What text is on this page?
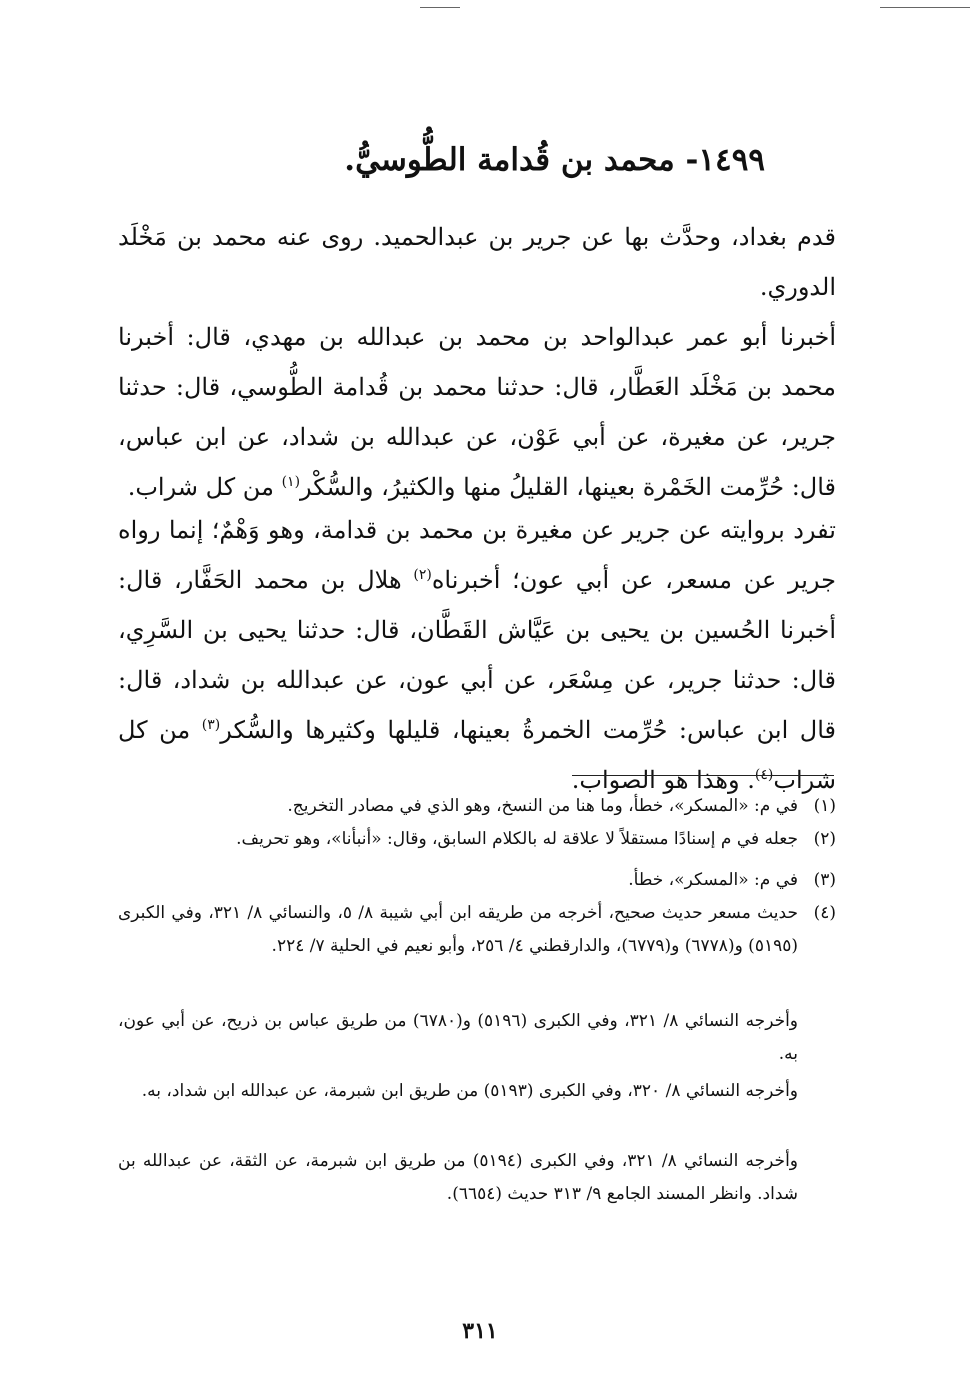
١٤٩٩- محمد بن قُدامة الطُّوسيُّ.

قدم بغداد، وحدَّث بها عن جرير بن عبدالحميد. روى عنه محمد بن مَخْلَد الدوري.

أخبرنا أبو عمر عبدالواحد بن محمد بن عبدالله بن مهدي، قال: أخبرنا محمد بن مَخْلَد العَطَّار، قال: حدثنا محمد بن قُدامة الطُّوسي، قال: حدثنا جرير، عن مغيرة، عن أبي عَوْن، عن عبدالله بن شداد، عن ابن عباس، قال: حُرِّمت الخَمْرة بعينها، القليلُ منها والكثيرُ، والسُّكْر$^{(١)}$ من كل شراب.

تفرد بروايته عن جرير عن مغيرة بن محمد بن قدامة، وهو وَهْمٌ؛ إنما رواه جرير عن مسعر، عن أبي عون؛ أخبرناه$^{(٢)}$ هلال بن محمد الحَفَّار، قال: أخبرنا الحُسين بن يحيى بن عَيَّاش القَطَّان، قال: حدثنا يحيى بن السَّرِي، قال: حدثنا جرير، عن مِسْعَر، عن أبي عون، عن عبدالله بن شداد، قال: قال ابن عباس: حُرِّمت الخمرةُ بعينها، قليلها وكثيرها والسُّكر$^{(٣)}$ من كل شراب$^{(٤)}$. وهذا هو الصواب.

(١)
في م: «المسكر»، خطأ، وما هنا من النسخ، وهو الذي في مصادر التخريج.
(٢)
جعله في م إسنادًا مستقلاً لا علاقة له بالكلام السابق، وقال: «أنبأنا»، وهو تحريف.
(٣)
في م: «المسكر»، خطأ.
(٤)
حديث مسعر حديث صحيح، أخرجه من طريقه ابن أبي شيبة ٨/ ٥، والنسائي ٨/ ٣٢١، وفي الكبرى (٥١٩٥) و(٦٧٧٨) و(٦٧٧٩)، والدارقطني ٤/ ٢٥٦، وأبو نعيم في الحلية ٧/ ٢٢٤.
وأخرجه النسائي ٨/ ٣٢١، وفي الكبرى (٥١٩٦) و(٦٧٨٠) من طريق عباس بن ذريح، عن أبي عون، به.
وأخرجه النسائي ٨/ ٣٢٠، وفي الكبرى (٥١٩٣) من طريق ابن شبرمة، عن عبدالله ابن شداد، به.
وأخرجه النسائي ٨/ ٣٢١، وفي الكبرى (٥١٩٤) من طريق ابن شبرمة، عن الثقة، عن عبدالله بن شداد. وانظر المسند الجامع ٩/ ٣١٣ حديث (٦٦٥٤).
٣١١
